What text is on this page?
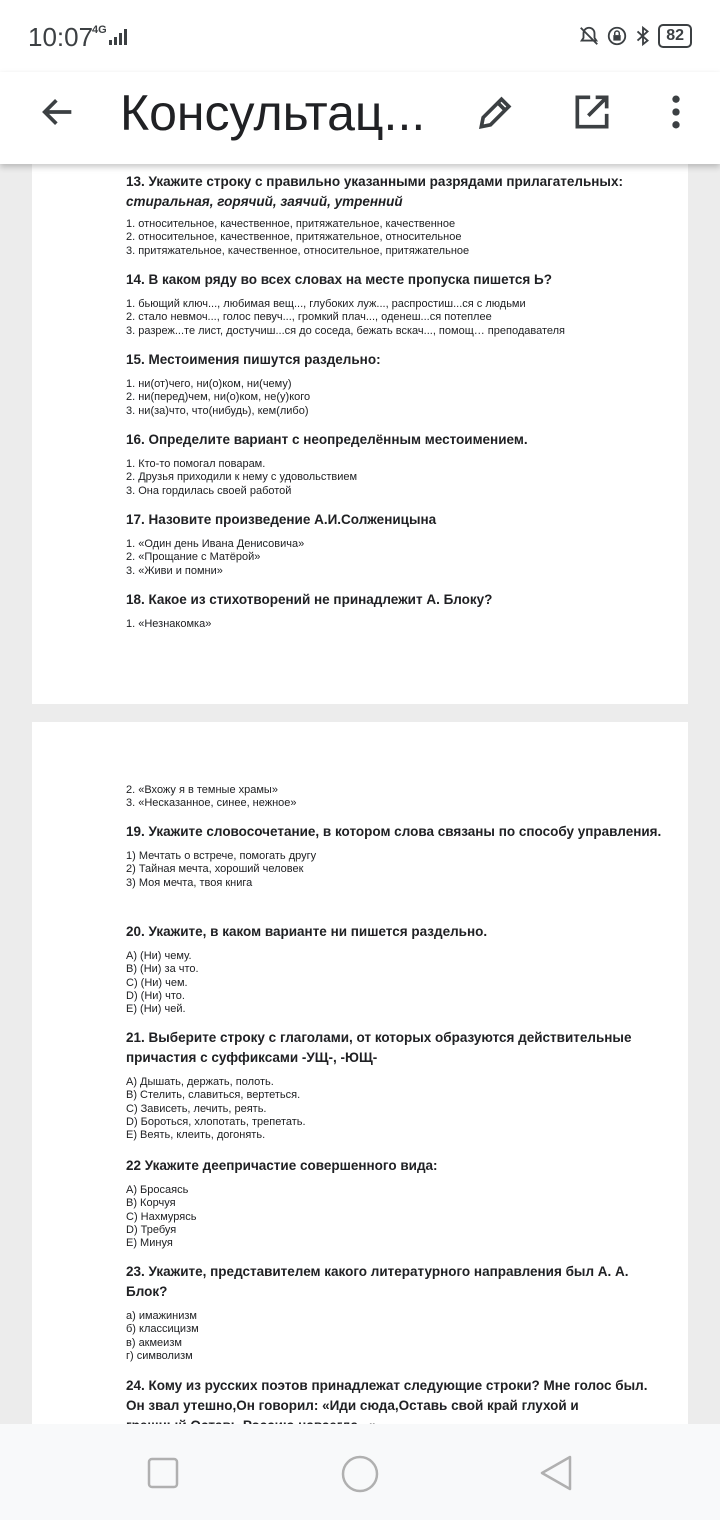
10:07
4G	82
Консультац...

13. Укажите строку с правильно указанными разрядами прилагательных:

стиральная, горячий, заячий, утренний

1. относительное, качественное, притяжательное, качественное
2. относительное, качественное, притяжательное, относительное
3. притяжательное, качественное, относительное, притяжательное

14. В каком ряду во всех словах на месте пропуска пишется Ь?

1. бьющий ключ..., любимая вещ..., глубоких луж..., распростиш...ся с людьми
2. стало невмоч..., голос певуч..., громкий плач..., оденеш...ся потеплее
3. разреж...те лист, достучиш...ся до соседа, бежать вскач..., помощ… преподавателя

15. Местоимения пишутся раздельно:

1. ни(от)чего, ни(о)ком, ни(чему)
2. ни(перед)чем, ни(о)ком, не(у)кого
3. ни(за)что, что(нибудь), кем(либо)

16. Определите вариант с неопределённым местоимением.

1. Кто-то помогал поварам.
2. Друзья приходили к нему с удовольствием
3. Она гордилась своей работой

17. Назовите произведение А.И.Солженицына

1. «Один день Ивана Денисовича»
2. «Прощание с Матёрой»
3. «Живи и помни»

18. Какое из стихотворений не принадлежит А. Блоку?

1. «Незнакомка»
2. «Вхожу я в темные храмы»
3. «Несказанное, синее, нежное»

19. Укажите словосочетание, в котором слова связаны по способу управления.

1) Мечтать о встрече, помогать другу
2) Тайная мечта, хороший человек
3) Моя мечта, твоя книга

20. Укажите, в каком варианте ни пишется раздельно.

А) (Ни) чему.
В) (Ни) за что.
С) (Ни) чем.
D) (Ни) что.
Е) (Ни) чей.

21. Выберите строку с глаголами, от которых образуются действительные причастия с суффиксами -УЩ-, -ЮЩ-

А) Дышать, держать, полоть.
В) Стелить, славиться, вертеться.
С) Зависеть, лечить, реять.
D) Бороться, хлопотать, трепетать.
Е) Веять, клеить, догонять.

22 Укажите деепричастие совершенного вида:

А) Бросаясь
В) Корчуя
С) Нахмурясь
D) Требуя
Е) Минуя

23. Укажите, представителем какого литературного направления был А. А. Блок?

а) имажинизм
б) классицизм
в) акмеизм
г) символизм

24. Кому из русских поэтов принадлежат следующие строки? Мне голос был. Он звал утешно,Он говорил: «Иди сюда,Оставь свой край глухой и
